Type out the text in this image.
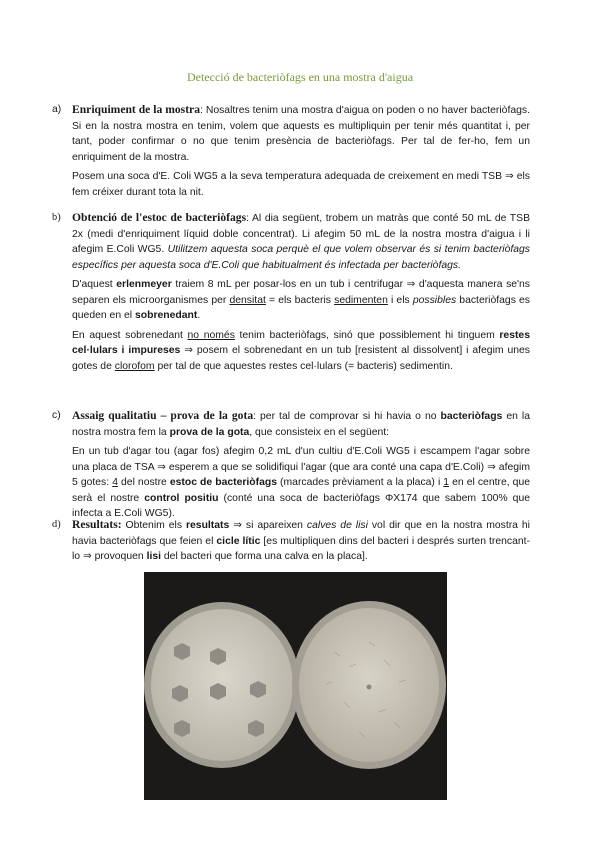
Detecció de bacteriòfags en una mostra d'aigua
a) Enriquiment de la mostra: Nosaltres tenim una mostra d'aigua on poden o no haver bacteriòfags. Si en la nostra mostra en tenim, volem que aquests es multipliquin per tenir més quantitat i, per tant, poder confirmar o no que tenim presència de bacteriòfags. Per tal de fer-ho, fem un enriquiment de la mostra.

Posem una soca d'E. Coli WG5 a la seva temperatura adequada de creixement en medi TSB ⇒ els fem créixer durant tota la nit.

b) Obtenció de l'estoc de bacteriòfags: Al dia següent, trobem un matràs que conté 50 mL de TSB 2x (medi d'enriquiment líquid doble concentrat). Li afegim 50 mL de la nostra mostra d'aigua i li afegim E.Coli WG5. Utilitzem aquesta soca perquè el que volem observar és si tenim bacteriòfags específics per aquesta soca d'E.Coli que habitualment és infectada per bacteriòfags.

D'aquest erlenmeyer traiem 8 mL per posar-los en un tub i centrifugar ⇒ d'aquesta manera se'ns separen els microorganismes per densitat = els bacteris sedimenten i els possibles bacteriòfags es queden en el sobrenedant.

En aquest sobrenedant no només tenim bacteriòfags, sinó que possiblement hi tinguem restes cel·lulars i impureses ⇒ posem el sobrenedant en un tub [resistent al dissolvent] i afegim unes gotes de clorofom per tal de que aquestes restes cel·lulars (= bacteris) sedimentin.

c) Assaig qualitatiu – prova de la gota: per tal de comprovar si hi havia o no bacteriòfags en la nostra mostra fem la prova de la gota, que consisteix en el següent:

En un tub d'agar tou (agar fos) afegim 0,2 mL d'un cultiu d'E.Coli WG5 i escampem l'agar sobre una placa de TSA ⇒ esperem a que se solidifiqui l'agar (que ara conté una capa d'E.Coli) ⇒ afegim 5 gotes: 4 del nostre estoc de bacteriòfags (marcades prèviament a la placa) i 1 en el centre, que serà el nostre control positiu (conté una soca de bacteriòfags ΦX174 que sabem 100% que infecta a E.Coli WG5).

d) Resultats: Obtenim els resultats ⇒ si apareixen calves de lisi vol dir que en la nostra mostra hi havia bacteriòfags que feien el cicle lític [es multipliquen dins del bacteri i després surten trencant-lo ⇒ provoquen lisi del bacteri que forma una calva en la placa].
